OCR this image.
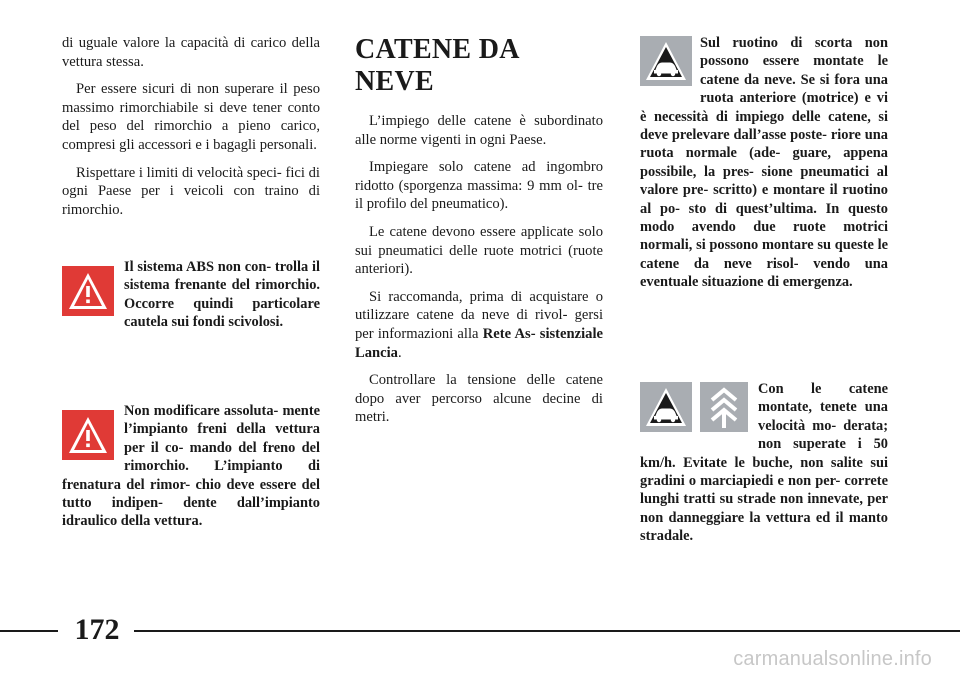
di uguale valore la capacità di carico della vettura stessa.

Per essere sicuri di non superare il peso massimo rimorchiabile si deve tener conto del peso del rimorchio a pieno carico, compresi gli accessori e i bagagli personali.

Rispettare i limiti di velocità speci- fici di ogni Paese per i veicoli con traino di rimorchio.

Il sistema ABS non con- trolla il sistema frenante del rimorchio. Occorre quindi particolare cautela sui fondi scivolosi.

Non modificare assoluta- mente l’impianto freni della vettura per il co- mando del freno del rimorchio. L’impianto di frenatura del rimor- chio deve essere del tutto indipen- dente dall’impianto idraulico della vettura.

CATENE DA NEVE

L’impiego delle catene è subordinato alle norme vigenti in ogni Paese.

Impiegare solo catene ad ingombro ridotto (sporgenza massima: 9 mm ol- tre il profilo del pneumatico).

Le catene devono essere applicate solo sui pneumatici delle ruote motrici (ruote anteriori).

Si raccomanda, prima di acquistare o utilizzare catene da neve di rivol- gersi per informazioni alla Rete As- sistenziale Lancia.

Controllare la tensione delle catene dopo aver percorso alcune decine di metri.

Sul ruotino di scorta non possono essere montate le catene da neve. Se si fora una ruota anteriore (motrice) e vi è necessità di impiego delle catene, si deve prelevare dall’asse poste- riore una ruota normale (ade- guare, appena possibile, la pres- sione pneumatici al valore pre- scritto) e montare il ruotino al po- sto di quest’ultima. In questo modo avendo due ruote motrici normali, si possono montare su queste le catene da neve risol- vendo una eventuale situazione di emergenza.

Con le catene montate, tenete una velocità mo- derata; non superate i 50 km/h. Evitate le buche, non salite sui gradini o marciapiedi e non per- correte lunghi tratti su strade non innevate, per non danneggiare la vettura ed il manto stradale.

172
carmanualsonline.info
